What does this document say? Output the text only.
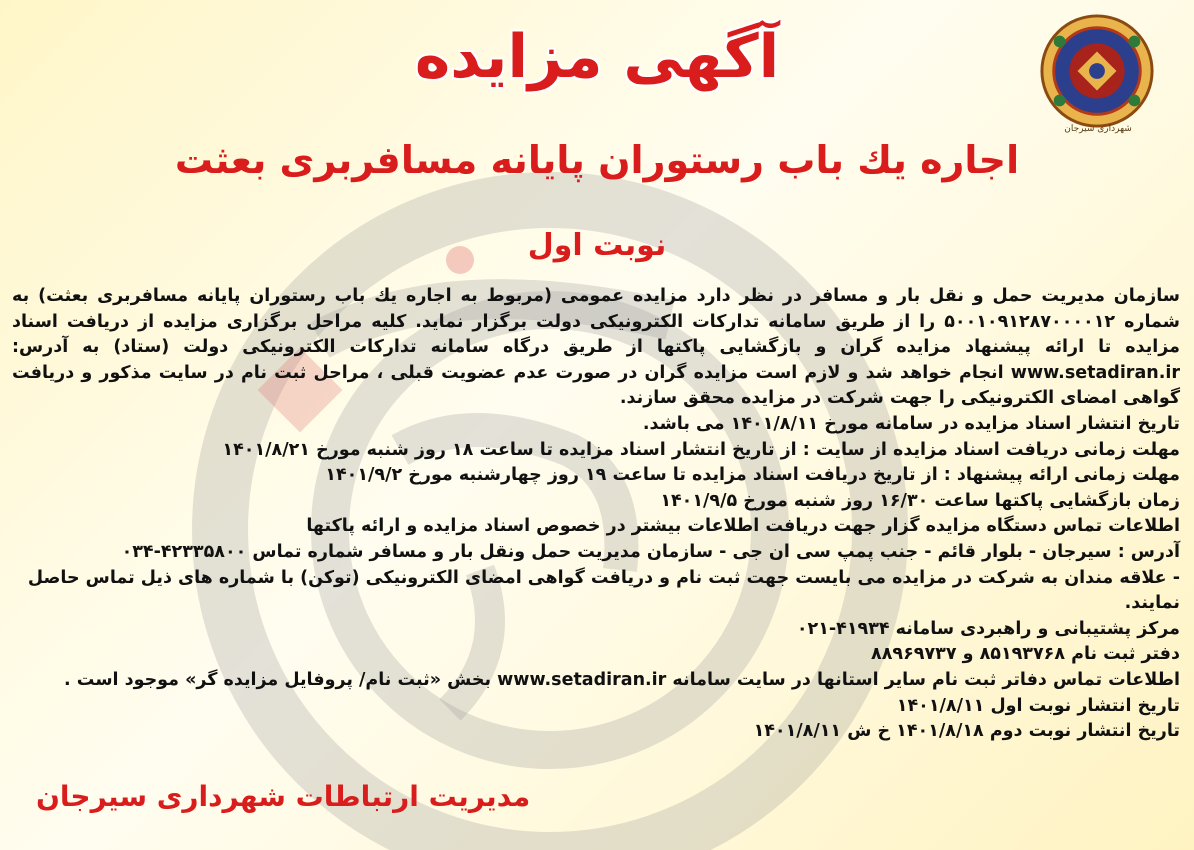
شهرداری سیرجان
آگهی مزایده
اجاره يك باب رستوران پايانه مسافربری بعثت
نوبت اول

سازمان مدیریت حمل و نقل بار و مسافر در نظر دارد مزایده عمومی (مربوط به اجاره يك باب رستوران پايانه مسافربری بعثت) به شماره ۵۰۰۱۰۹۱۲۸۷۰۰۰۰۱۲ را از طریق سامانه تدارکات الکترونیکی دولت برگزار نماید. کلیه مراحل برگزاری مزایده از دریافت اسناد مزایده تا ارائه پیشنهاد مزایده گران و بازگشایی پاکتها از طریق درگاه سامانه تدارکات الکترونیکی دولت (ستاد) به آدرس: www.setadiran.ir انجام خواهد شد و لازم است مزایده گران در صورت عدم عضویت قبلی ، مراحل ثبت نام در سایت مذکور و دریافت گواهی امضای الکترونیکی را جهت شرکت در مزایده محقق سازند.

تاریخ انتشار اسناد مزایده در سامانه مورخ ۱۴۰۱/۸/۱۱ می باشد.

مهلت زمانی دریافت اسناد مزایده از سایت : از تاریخ انتشار اسناد مزایده تا ساعت ۱۸ روز شنبه مورخ ۱۴۰۱/۸/۲۱

مهلت زمانی ارائه پیشنهاد : از تاریخ دریافت اسناد مزایده تا ساعت ۱۹ روز چهارشنبه مورخ ۱۴۰۱/۹/۲

زمان بازگشایی پاکتها ساعت ۱۶/۳۰ روز شنبه مورخ ۱۴۰۱/۹/۵

اطلاعات تماس دستگاه مزایده گزار جهت دریافت اطلاعات بیشتر در خصوص اسناد مزایده و ارائه پاکتها

آدرس : سیرجان - بلوار قائم - جنب پمپ سی ان جی - سازمان مدیریت حمل ونقل بار و مسافر شماره تماس ۴۲۳۳۵۸۰۰-۰۳۴

- علاقه مندان به شرکت در مزایده می بایست جهت ثبت نام و دریافت گواهی امضای الکترونیکی (توکن) با شماره های ذیل تماس حاصل نمایند.

مرکز پشتیبانی و راهبردی سامانه ۴۱۹۳۴-۰۲۱

دفتر ثبت نام ۸۵۱۹۳۷۶۸ و ۸۸۹۶۹۷۳۷

اطلاعات تماس دفاتر ثبت نام سایر استانها در سایت سامانه www.setadiran.ir بخش «ثبت نام/ پروفایل مزایده گر» موجود است .

تاریخ انتشار نوبت اول ۱۴۰۱/۸/۱۱

تاریخ انتشار نوبت دوم ۱۴۰۱/۸/۱۸ خ ش ۱۴۰۱/۸/۱۱

مدیریت ارتباطات شهرداری سیرجان
